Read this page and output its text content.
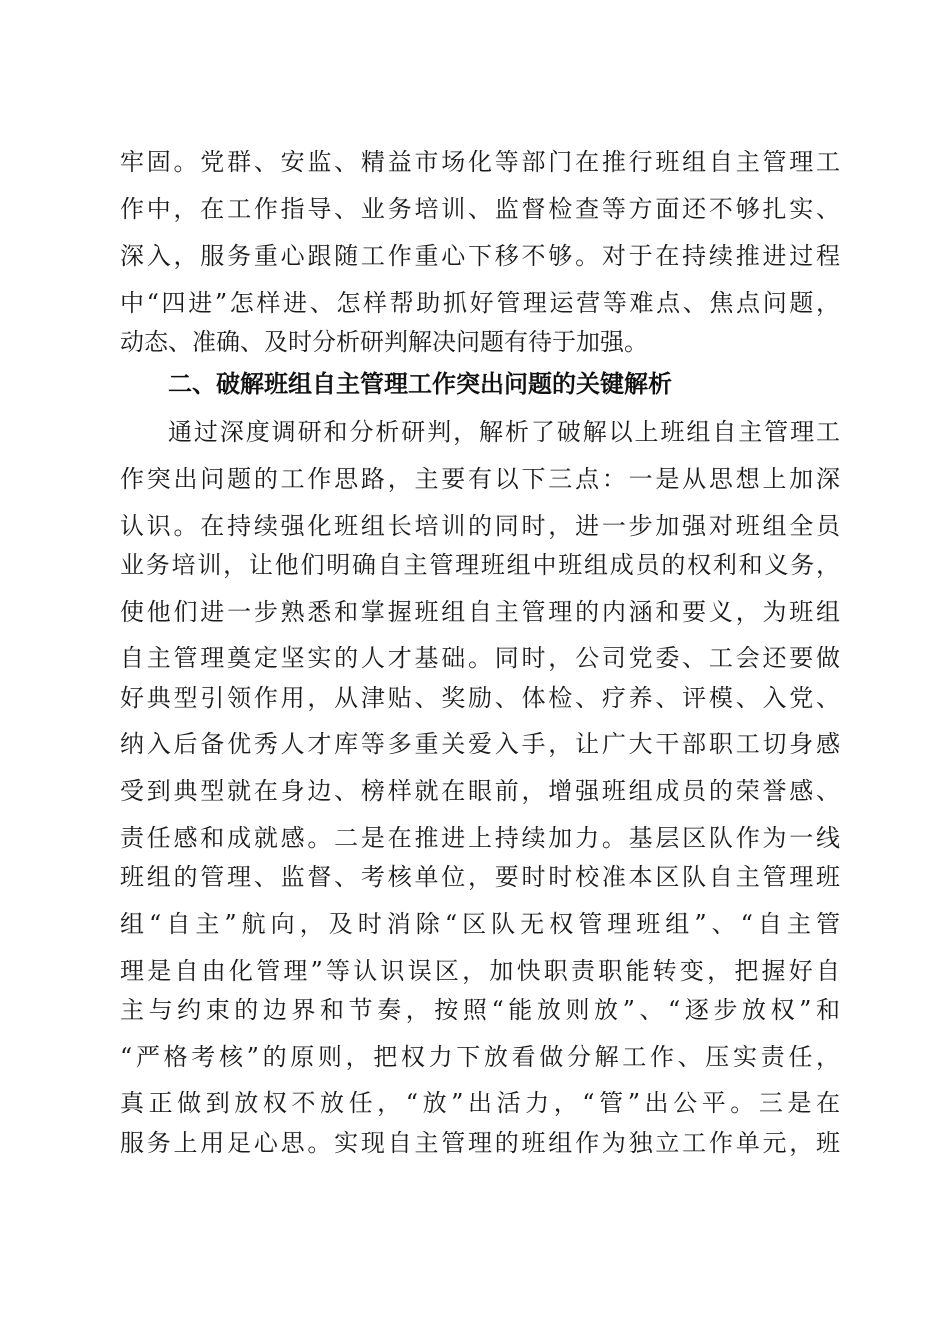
牢固。党群、安监、精益市场化等部门在推行班组自主管理工

作中，在工作指导、业务培训、监督检查等方面还不够扎实、

深入，服务重心跟随工作重心下移不够。对于在持续推进过程

中“四进”怎样进、怎样帮助抓好管理运营等难点、焦点问题，

动态、准确、及时分析研判解决问题有待于加强。

二、破解班组自主管理工作突出问题的关键解析

通过深度调研和分析研判，解析了破解以上班组自主管理工

作突出问题的工作思路，主要有以下三点：一是从思想上加深

认识。在持续强化班组长培训的同时，进一步加强对班组全员

业务培训，让他们明确自主管理班组中班组成员的权利和义务，

使他们进一步熟悉和掌握班组自主管理的内涵和要义，为班组

自主管理奠定坚实的人才基础。同时，公司党委、工会还要做

好典型引领作用，从津贴、奖励、体检、疗养、评模、入党、

纳入后备优秀人才库等多重关爱入手，让广大干部职工切身感

受到典型就在身边、榜样就在眼前，增强班组成员的荣誉感、

责任感和成就感。二是在推进上持续加力。基层区队作为一线

班组的管理、监督、考核单位，要时时校准本区队自主管理班

组“自主”航向，及时消除“区队无权管理班组”、“自主管

理是自由化管理”等认识误区，加快职责职能转变，把握好自

主与约束的边界和节奏，按照“能放则放”、“逐步放权”和

“严格考核”的原则，把权力下放看做分解工作、压实责任，

真正做到放权不放任，“放”出活力，“管”出公平。三是在

服务上用足心思。实现自主管理的班组作为独立工作单元，班
